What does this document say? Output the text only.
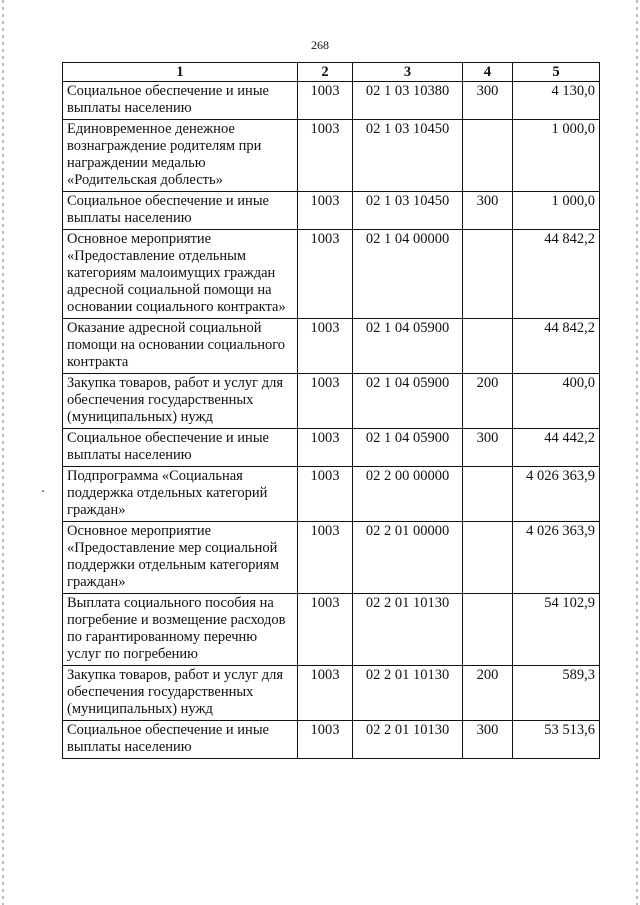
268
1	2	3	4	5
Социальное обеспечение и иные выплаты населению	1003	02 1 03 10380	300	4 130,0
Единовременное денежное вознаграждение родителям при награждении медалью «Родительская доблесть»	1003	02 1 03 10450		1 000,0
Социальное обеспечение и иные выплаты населению	1003	02 1 03 10450	300	1 000,0
Основное мероприятие «Предоставление отдельным категориям малоимущих граждан адресной социальной помощи на основании социального контракта»	1003	02 1 04 00000		44 842,2
Оказание адресной социальной помощи на основании социального контракта	1003	02 1 04 05900		44 842,2
Закупка товаров, работ и услуг для обеспечения государственных (муниципальных) нужд	1003	02 1 04 05900	200	400,0
Социальное обеспечение и иные выплаты населению	1003	02 1 04 05900	300	44 442,2
Подпрограмма «Социальная поддержка отдельных категорий граждан»	1003	02 2 00 00000		4 026 363,9
Основное мероприятие «Предоставление мер социальной поддержки отдельным категориям граждан»	1003	02 2 01 00000		4 026 363,9
Выплата социального пособия на погребение и возмещение расходов по гарантированному перечню услуг по погребению	1003	02 2 01 10130		54 102,9
Закупка товаров, работ и услуг для обеспечения государственных (муниципальных) нужд	1003	02 2 01 10130	200	589,3
Социальное обеспечение и иные выплаты населению	1003	02 2 01 10130	300	53 513,6
